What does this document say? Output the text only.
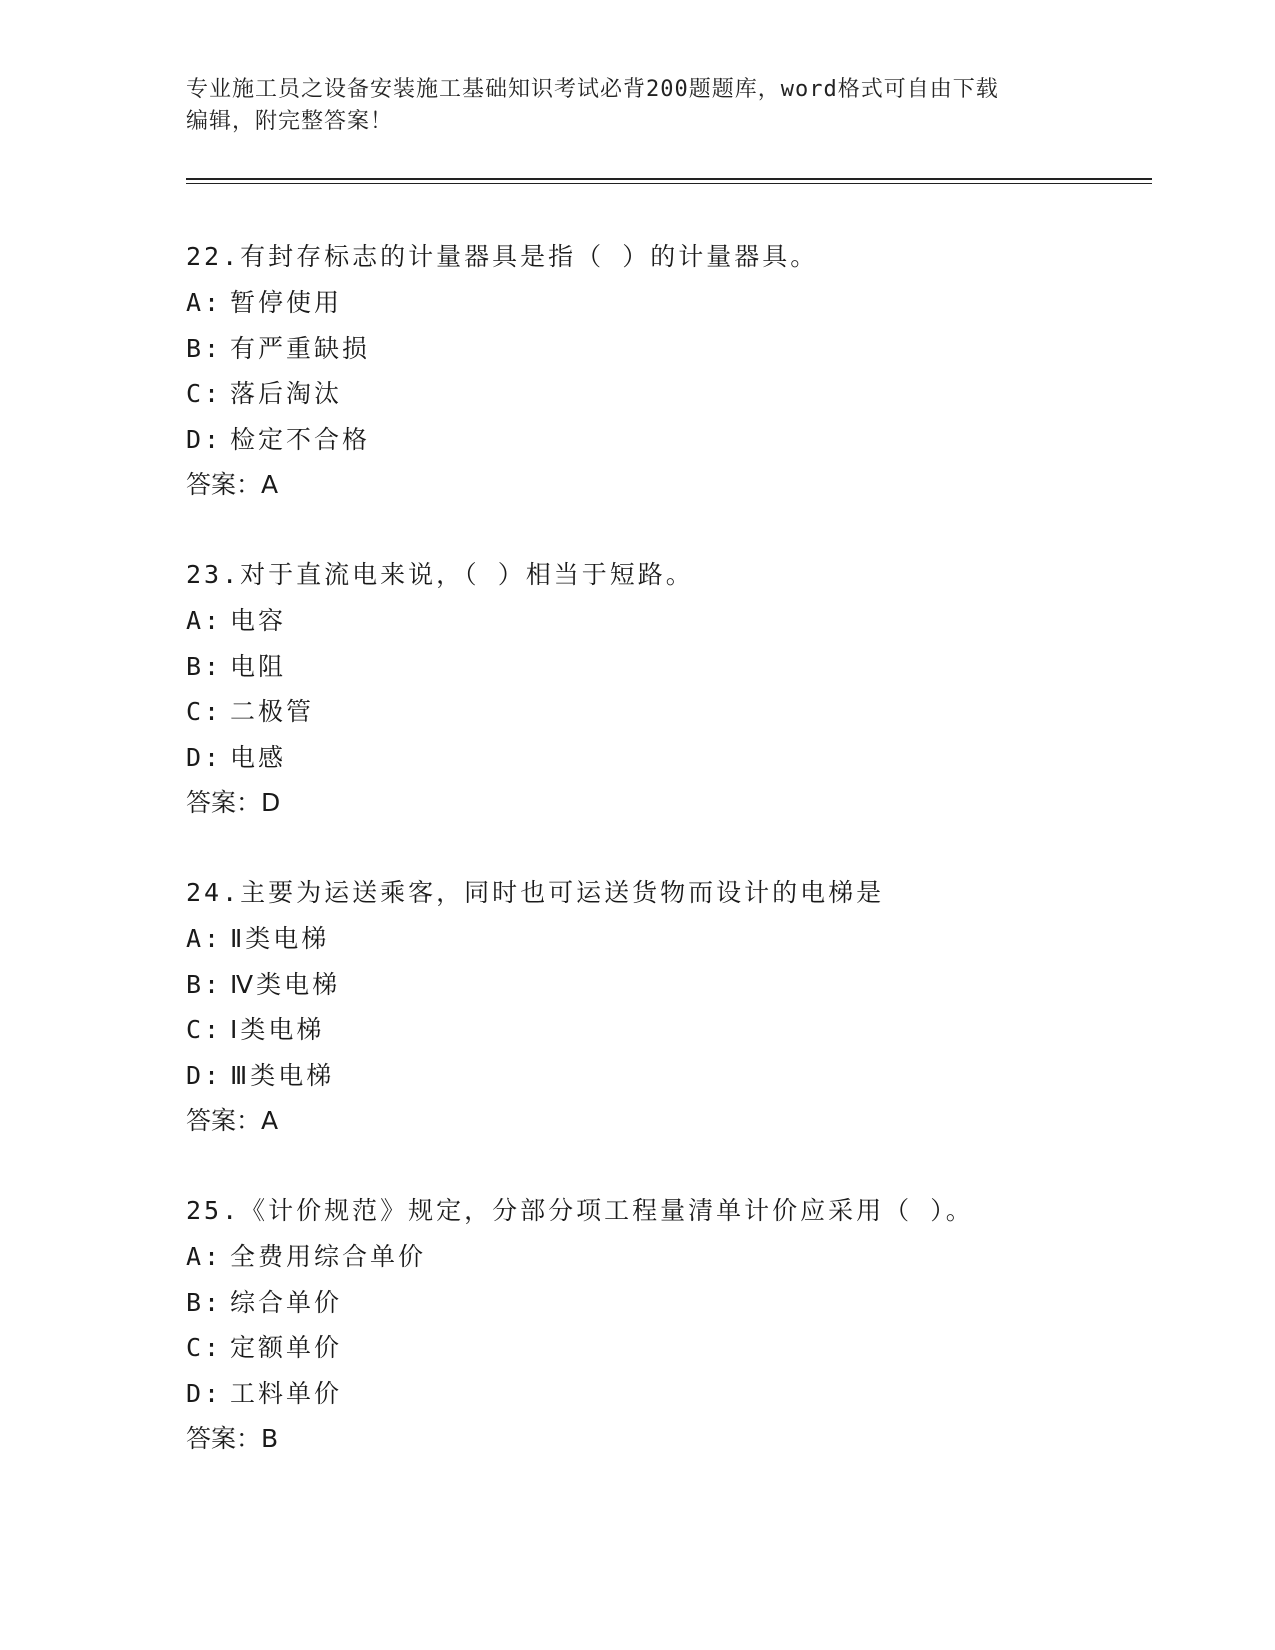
专业施工员之设备安装施工基础知识考试必背200题题库，word格式可自由下载
编辑，附完整答案！
22.有封存标志的计量器具是指（ ）的计量器具。
A: 暂停使用
B: 有严重缺损
C: 落后淘汰
D: 检定不合格
答案：A
23.对于直流电来说，（ ）相当于短路。
A: 电容
B: 电阻
C: 二极管
D: 电感
答案：D
24.主要为运送乘客，同时也可运送货物而设计的电梯是
A: Ⅱ类电梯
B: Ⅳ类电梯
C: Ⅰ类电梯
D: Ⅲ类电梯
答案：A
25.《计价规范》规定，分部分项工程量清单计价应采用（ ）。
A: 全费用综合单价
B: 综合单价
C: 定额单价
D: 工料单价
答案：B
